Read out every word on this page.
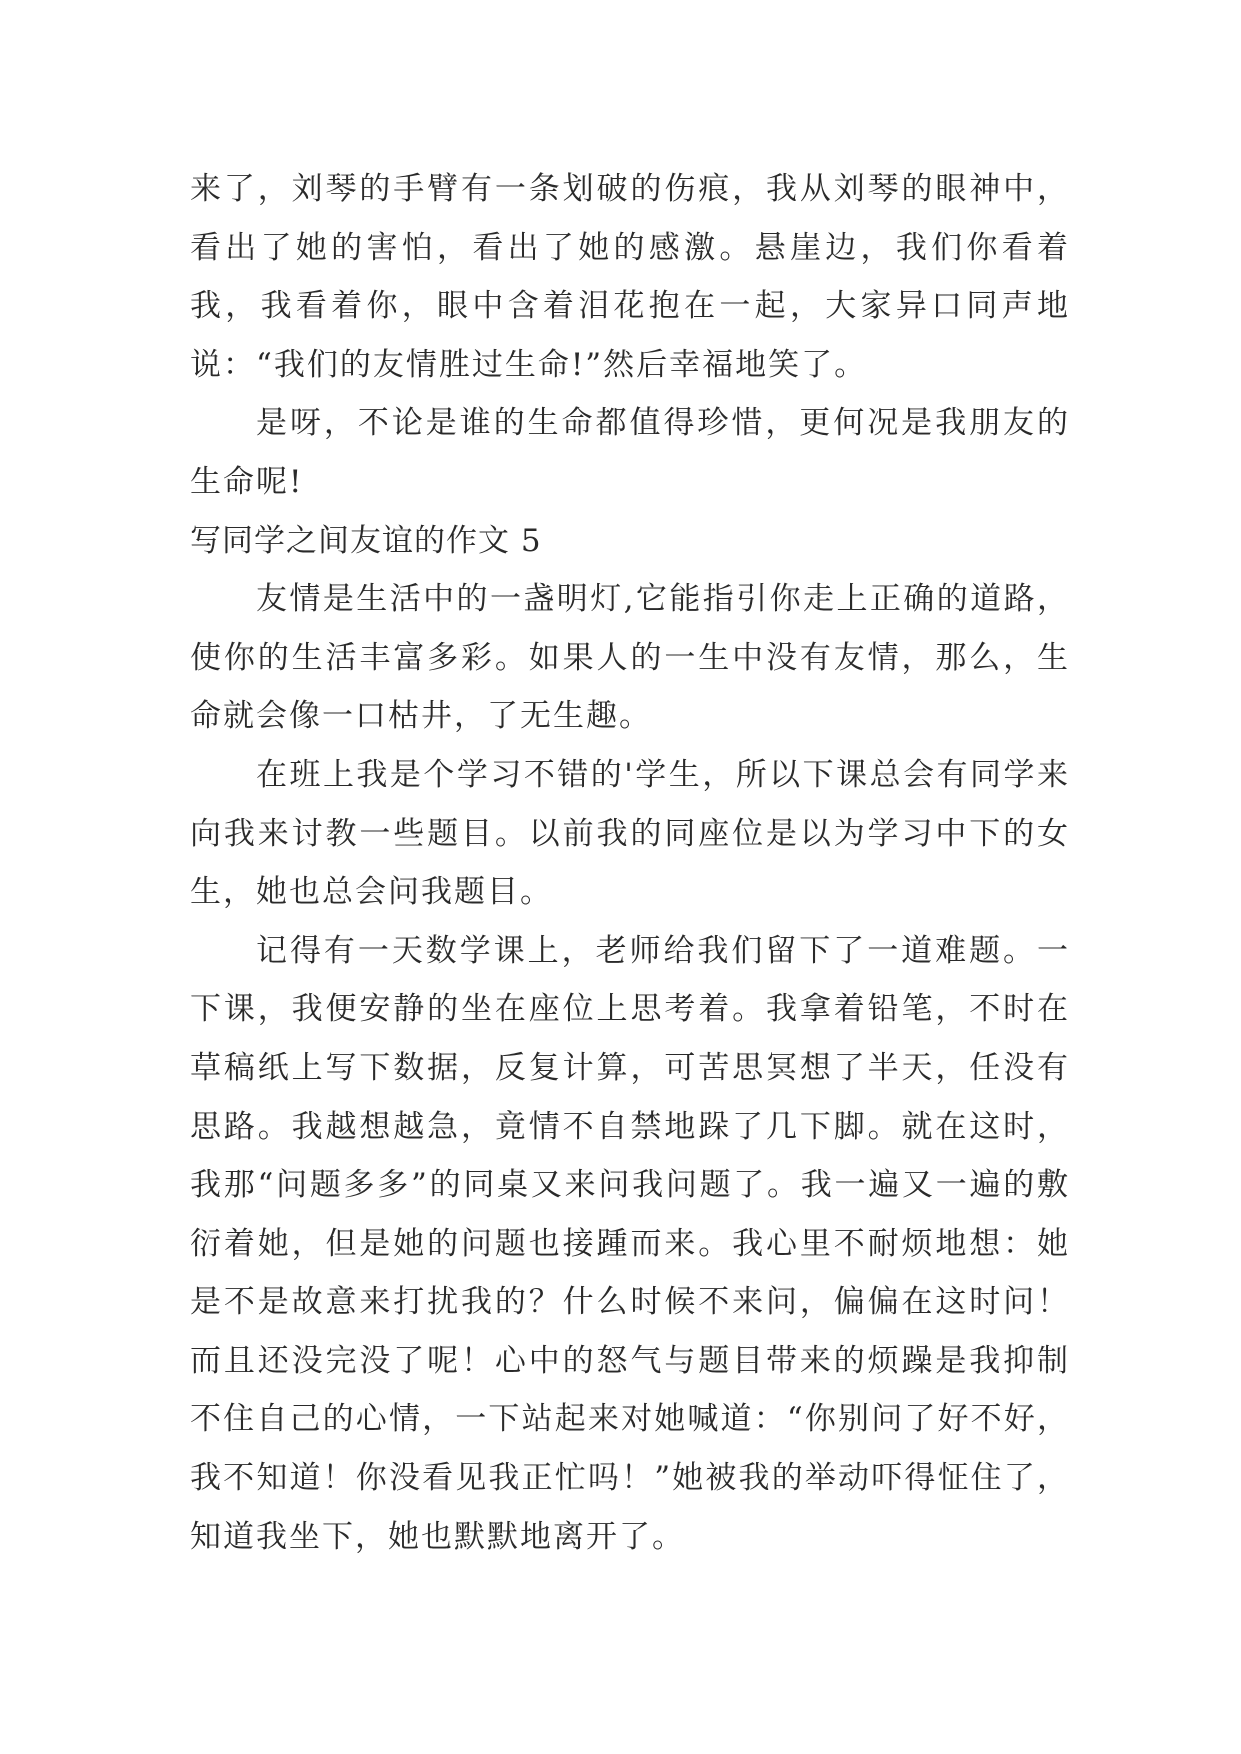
来了，刘琴的手臂有一条划破的伤痕，我从刘琴的眼神中，看出了她的害怕，看出了她的感激。悬崖边，我们你看着我，我看着你，眼中含着泪花抱在一起，大家异口同声地说：“我们的友情胜过生命!”然后幸福地笑了。

是呀，不论是谁的生命都值得珍惜，更何况是我朋友的生命呢!

写同学之间友谊的作文 5

友情是生活中的一盏明灯,它能指引你走上正确的道路，使你的生活丰富多彩。如果人的一生中没有友情，那么，生命就会像一口枯井，了无生趣。

在班上我是个学习不错的'学生，所以下课总会有同学来向我来讨教一些题目。以前我的同座位是以为学习中下的女生，她也总会问我题目。

记得有一天数学课上，老师给我们留下了一道难题。一下课，我便安静的坐在座位上思考着。我拿着铅笔，不时在草稿纸上写下数据，反复计算，可苦思冥想了半天，任没有思路。我越想越急，竟情不自禁地跺了几下脚。就在这时，我那“问题多多”的同桌又来问我问题了。我一遍又一遍的敷衍着她，但是她的问题也接踵而来。我心里不耐烦地想：她是不是故意来打扰我的？什么时候不来问，偏偏在这时问！而且还没完没了呢！心中的怒气与题目带来的烦躁是我抑制不住自己的心情，一下站起来对她喊道：“你别问了好不好，我不知道！你没看见我正忙吗！”她被我的举动吓得怔住了，知道我坐下，她也默默地离开了。
